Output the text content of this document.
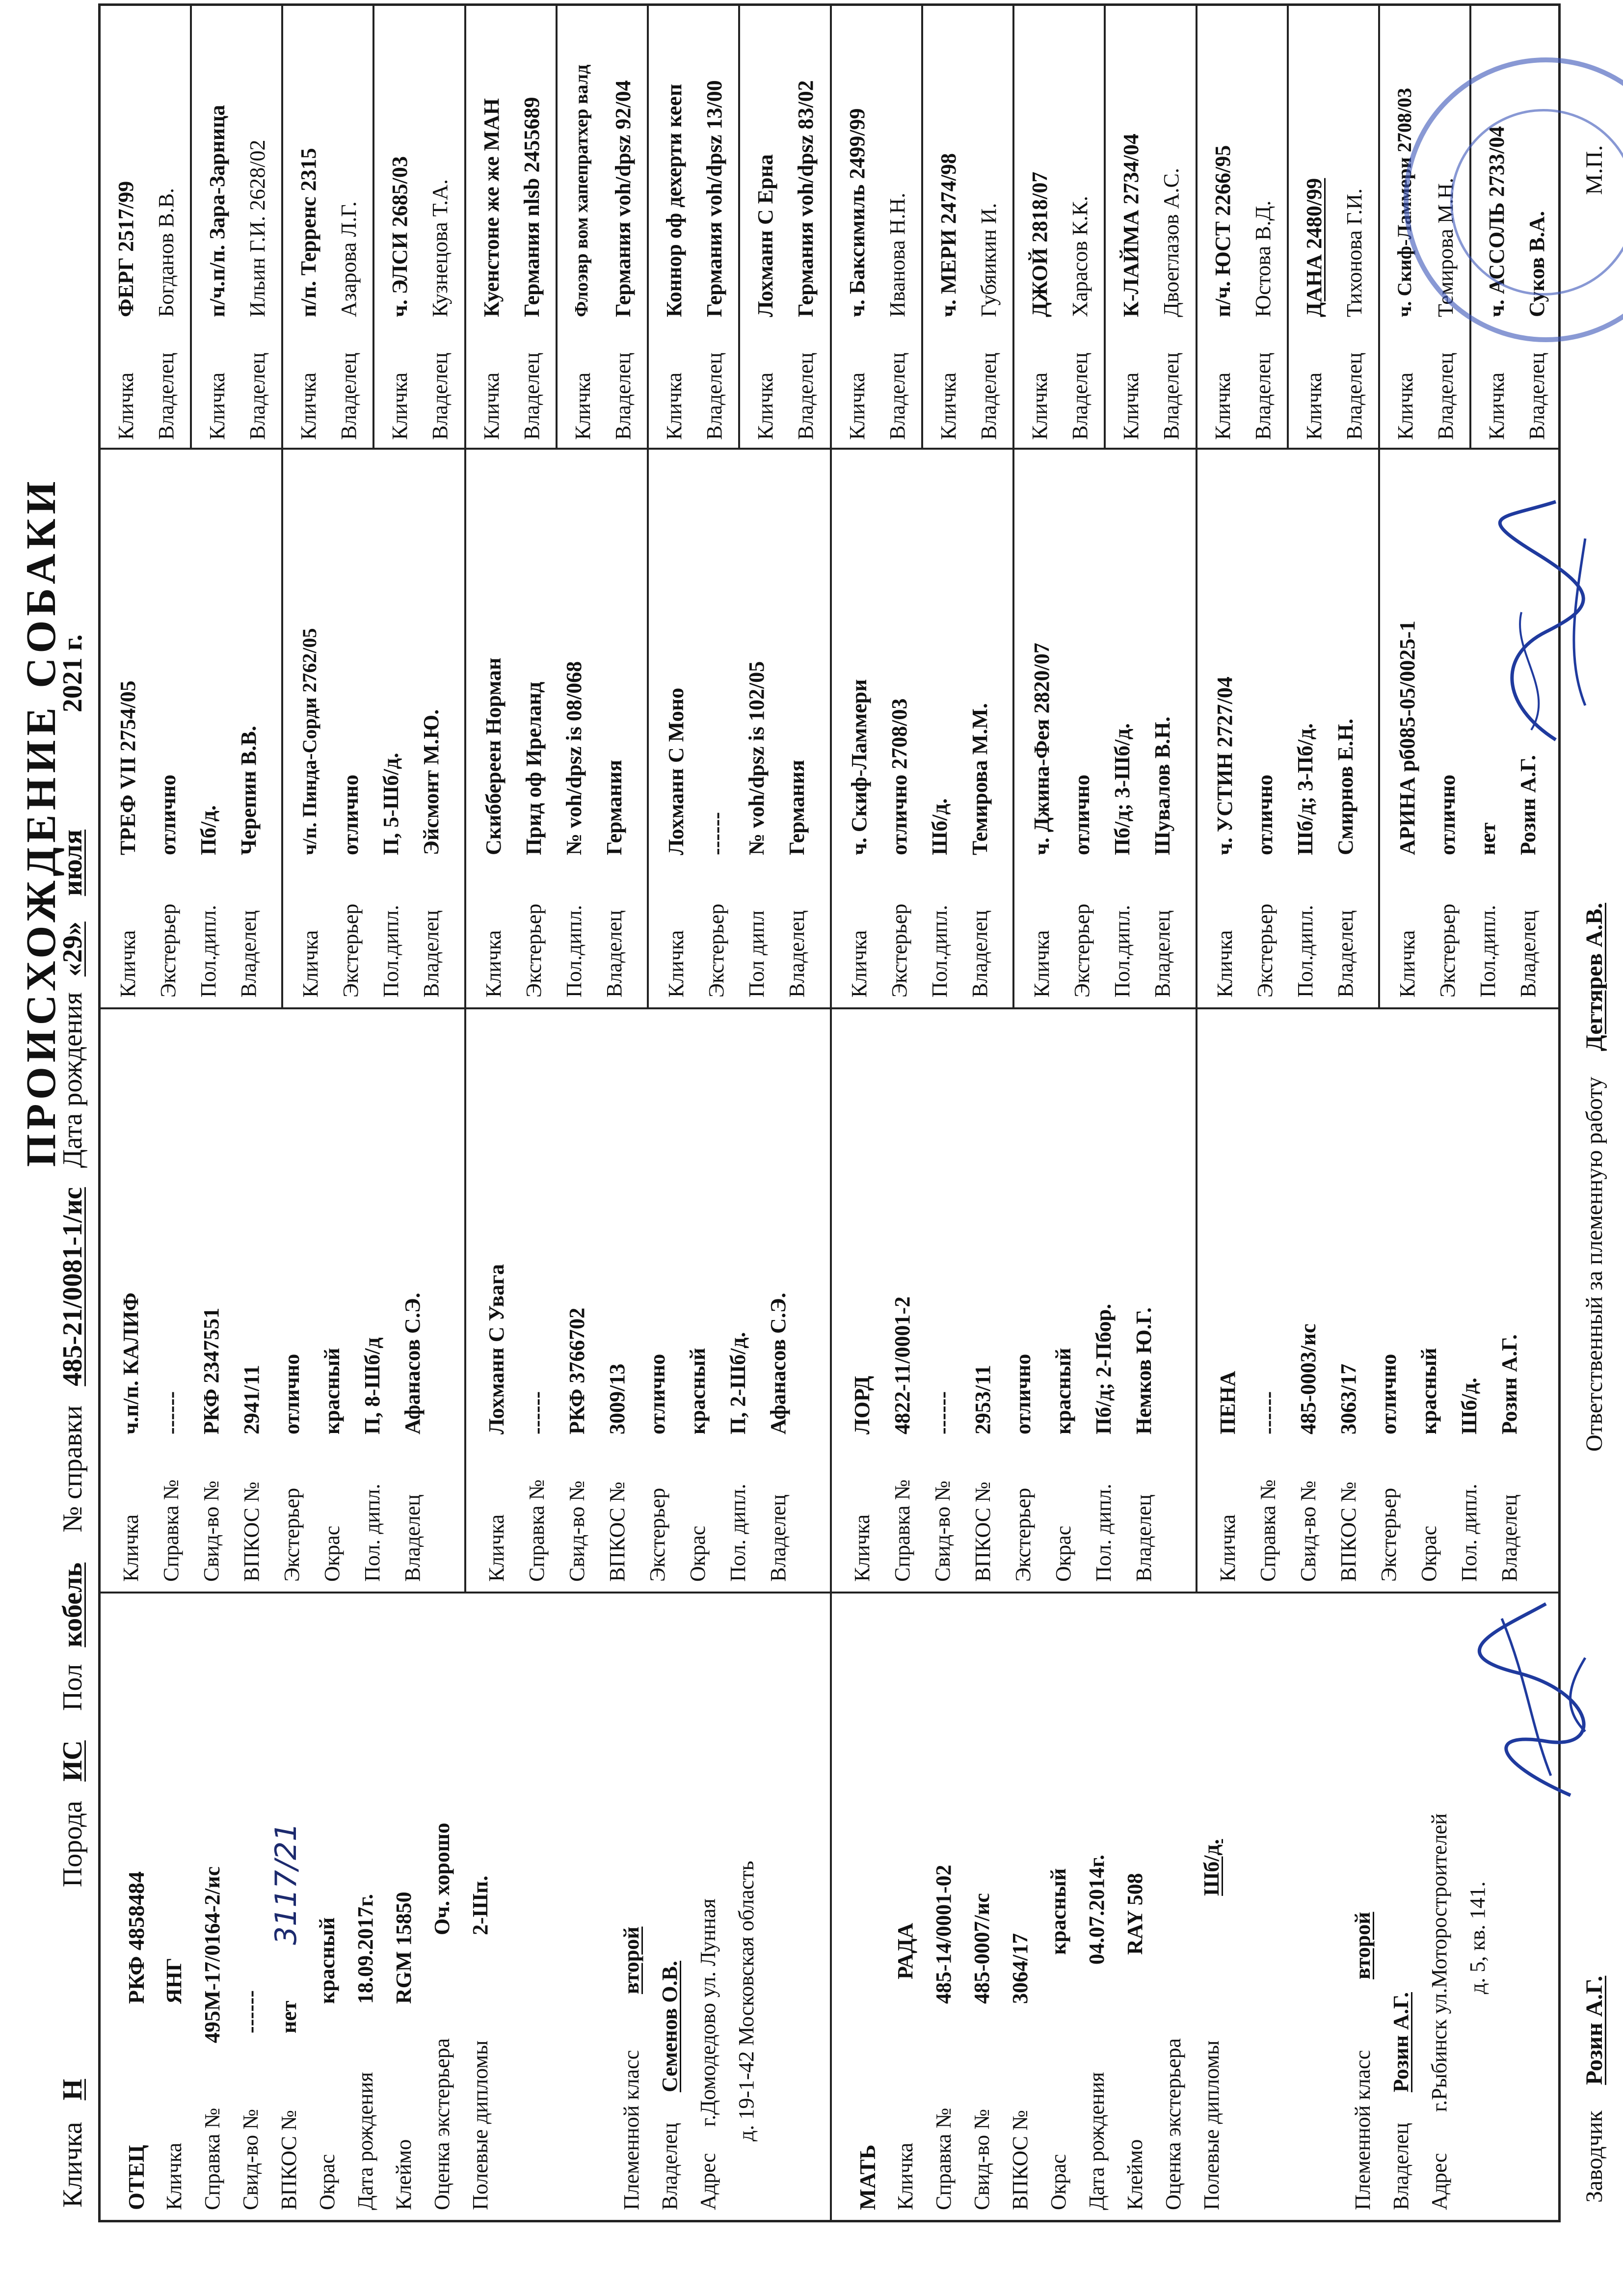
ПРОИСХОЖДЕНИЕ СОБАКИ
Кличка Н Порода ИС Пол кобель № справки 485-21/0081-1/ис Дата рождения «29» июля 2021 г.
ОТЕЦ
РКФ 4858484
Кличка
ЯНГ
Справка №
495М-17/0164-2/ис
Свид-во №
------
ВПКОС №
нет
3117/21
Окрас
красный
Дата рождения
18.09.2017г.
Клеймо
RGM 15850
Оценка экстерьера
Оч. хорошо
Полевые дипломы
2-Шп.
Племенной класс
второй
Владелец
Семенов О.В.
Адрес
г.Домодедово ул. Лунная д. 19-1-42 Московская область
МАТЬ Кличка
РАДА
Справка №
485-14/0001-02
Свид-во №
485-0007/ис
ВПКОС №
3064/17
Окрас
красный
Дата рождения
04.07.2014г.
Клеймо
RAY 508
Оценка экстерьера Полевые дипломы
Шб/д.
Племенной класс
второй
Владелец
Розин А.Г.
Адрес
г.Рыбинск ул.Моторостроителей д. 5, кв. 141.
Кличка
ч.п/п. КАЛИФ
Справка №
------
Свид-во №
РКФ 2347551
ВПКОС №
2941/11
Экстерьер
отлично
Окрас
красный
Пол. дипл.
П, 8-Шб/д
Владелец
Афанасов С.Э.
Кличка
Лохманн С Увага
Справка №
------
Свид-во №
РКФ 3766702
ВПКОС №
3009/13
Экстерьер
отлично
Окрас
красный
Пол. дипл.
П, 2-Шб/д.
Владелец
Афанасов С.Э.
Кличка
ЛОРД
Справка №
4822-11/0001-2
Свид-во №
------
ВПКОС №
2953/11
Экстерьер
отлично
Окрас
красный
Пол. дипл.
Пб/д; 2-Пбор.
Владелец
Немков Ю.Г.
Кличка
ПЕНА
Справка №
------
Свид-во №
485-0003/ис
ВПКОС №
3063/17
Экстерьер
отлично
Окрас
красный
Пол. дипл.
Шб/д.
Владелец
Розин А.Г.
Кличка
ТРЕФ VII 2754/05
Экстерьер
отлично
Пол.дипл.
Пб/д.
Владелец
Черепин В.В.
Кличка
ч/п. Пинда-Сорди 2762/05
Экстерьер
отлично
Пол.дипл.
П, 5-Шб/д.
Владелец
Эйсмонт М.Ю.
Кличка
Скиббереен Норман
Экстерьер
Прид оф Иреланд
Пол.дипл.
№ voh/dpsz is 08/068
Владелец
Германия
Кличка
Лохманн С Моно
Экстерьер
------
Пол дипл
№ voh/dpsz is 102/05
Владелец
Германия
Кличка
ч. Скиф-Ламмери
Экстерьер
отлично 2708/03
Пол.дипл.
Шб/д.
Владелец
Темирова М.М.
Кличка
ч. Джина-Фея 2820/07
Экстерьер
отлично
Пол.дипл.
Пб/д; 3-Шб/д.
Владелец
Шувалов В.Н.
Кличка
ч. УСТИН 2727/04
Экстерьер
отлично
Пол.дипл.
Шб/д; 3-Пб/д.
Владелец
Смирнов Е.Н.
Кличка
АРИНА рб085-05/0025-1
Экстерьер
отлично
Пол.дипл.
нет
Владелец
Розин А.Г.
Кличка
ФЕРГ 2517/99
Владелец
Богданов В.В.
Кличка
п/ч.п/п. Зара-Зарница
Владелец
Ильин Г.И. 2628/02
Кличка
п/п. Терренс 2315
Владелец
Азарова Л.Г.
Кличка
ч. ЭЛСИ 2685/03
Владелец
Кузнецова Т.А.
Кличка
Куенстоне же же МАН
Владелец
Германия nlsb 2455689
Кличка
Флоэвр вом хапепратхер валд
Владелец
Германия voh/dpsz 92/04
Кличка
Коннор оф дехерти кееп
Владелец
Германия voh/dpsz 13/00
Кличка
Лохманн С Ерна
Владелец
Германия voh/dpsz 83/02
Кличка
ч. Баксимиль 2499/99
Владелец
Иванова Н.Н.
Кличка
ч. МЕРИ 2474/98
Владелец
Губяикин И.
Кличка
ДЖОЙ 2818/07
Владелец
Харасов К.К.
Кличка
К-ЛАЙМА 2734/04
Владелец
Двоеглазов А.С.
Кличка
п/ч. ЮСТ 2266/95
Владелец
Юстова В.Д.
Кличка
ДАНА 2480/99
Владелец
Тихонова Г.И.
Кличка
ч. Скиф-Ламмери 2708/03
Владелец
Темирова М.Н.
Кличка
ч. АССОЛЬ 2733/04
Владелец
Суков В.А.
Заводчик Розин А.Г.
Ответственный за племенную работу Дегтярев А.В.
М.П.
